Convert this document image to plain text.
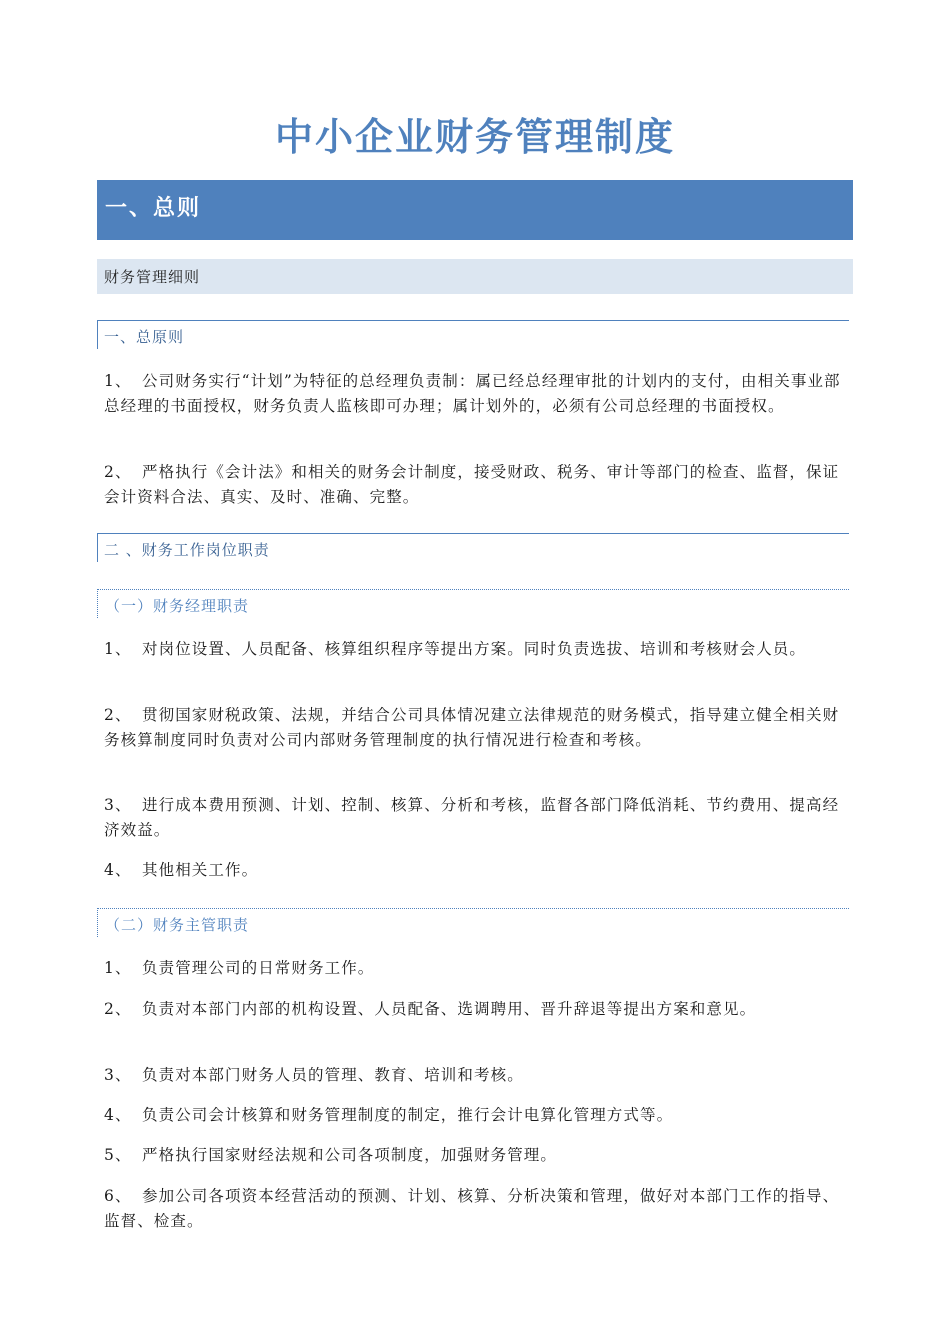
中小企业财务管理制度
一、总则
财务管理细则
一、总原则
1、 公司财务实行“计划”为特征的总经理负责制：属已经总经理审批的计划内的支付，由相关事业部总经理的书面授权，财务负责人监核即可办理；属计划外的，必须有公司总经理的书面授权。
2、 严格执行《会计法》和相关的财务会计制度，接受财政、税务、审计等部门的检查、监督，保证会计资料合法、真实、及时、准确、完整。
二 、财务工作岗位职责
（一）财务经理职责
1、 对岗位设置、人员配备、核算组织程序等提出方案。同时负责选拔、培训和考核财会人员。
2、 贯彻国家财税政策、法规，并结合公司具体情况建立法律规范的财务模式，指导建立健全相关财务核算制度同时负责对公司内部财务管理制度的执行情况进行检查和考核。
3、 进行成本费用预测、计划、控制、核算、分析和考核，监督各部门降低消耗、节约费用、提高经济效益。
4、 其他相关工作。
（二）财务主管职责
1、 负责管理公司的日常财务工作。
2、 负责对本部门内部的机构设置、人员配备、选调聘用、晋升辞退等提出方案和意见。
3、 负责对本部门财务人员的管理、教育、培训和考核。
4、 负责公司会计核算和财务管理制度的制定，推行会计电算化管理方式等。
5、 严格执行国家财经法规和公司各项制度，加强财务管理。
6、 参加公司各项资本经营活动的预测、计划、核算、分析决策和管理，做好对本部门工作的指导、监督、检查。
